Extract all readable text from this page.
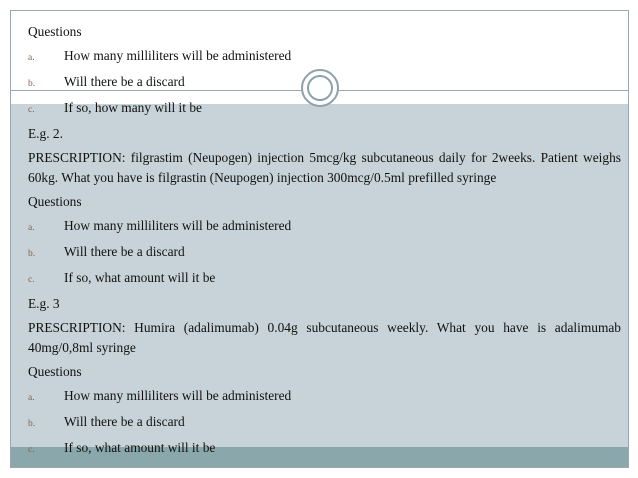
Questions
a.	How many milliliters will be administered
b.	Will there be a discard
c.	If so, how many will it be
E.g. 2.
PRESCRIPTION: filgrastim (Neupogen) injection 5mcg/kg subcutaneous daily for 2weeks. Patient weighs 60kg. What you have is filgrastin (Neupogen) injection 300mcg/0.5ml prefilled syringe
Questions
a.	How many milliliters will be administered
b.	Will there be a discard
c.	If so, what amount will it be
E.g. 3
PRESCRIPTION: Humira (adalimumab) 0.04g subcutaneous weekly. What you have is adalimumab 40mg/0,8ml syringe
Questions
a.	How many milliliters will be administered
b.	Will there be a discard
c.	If so, what amount will it be
